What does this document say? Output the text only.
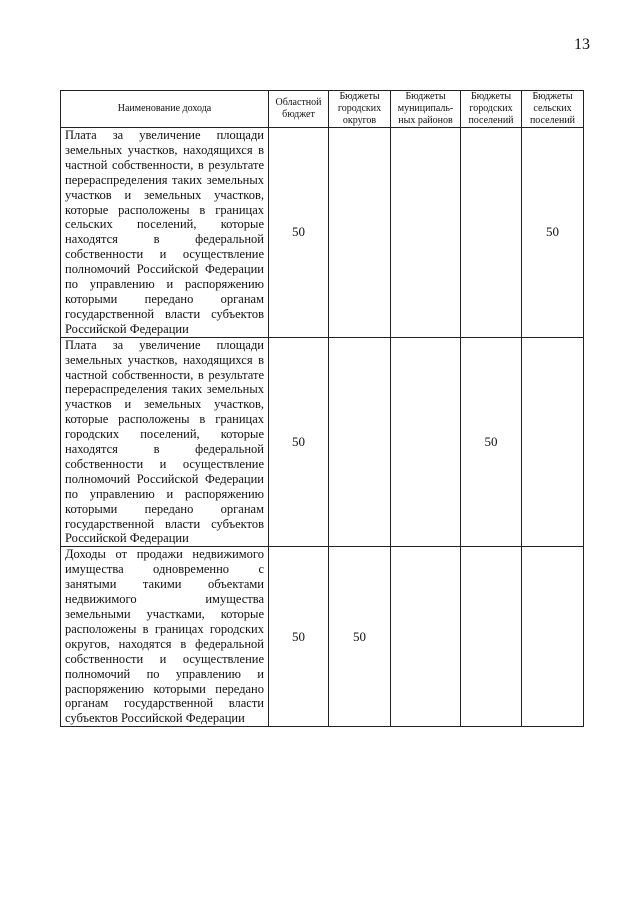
13
Наименование дохода	Областной бюджет	Бюджеты городских округов	Бюджеты муниципаль-ных районов	Бюджеты городских поселений	Бюджеты сельских поселений
Плата за увеличение площади земельных участков, находящихся в частной собственности, в результате перераспределения таких земельных участков и земельных участков, которые расположены в границах сельских поселений, которые находятся в федеральной собственности и осуществление полномочий Российской Федерации по управлению и распоряжению которыми передано органам государственной власти субъектов Российской Федерации	50				50
Плата за увеличение площади земельных участков, находящихся в частной собственности, в результате перераспределения таких земельных участков и земельных участков, которые расположены в границах городских поселений, которые находятся в федеральной собственности и осуществление полномочий Российской Федерации по управлению и распоряжению которыми передано органам государственной власти субъектов Российской Федерации	50			50	
Доходы от продажи недвижимого имущества одновременно с занятыми такими объектами недвижимого имущества земельными участками, которые расположены в границах городских округов, находятся в федеральной собственности и осуществление полномочий по управлению и распоряжению которыми передано органам государственной власти субъектов Российской Федерации	50	50			
